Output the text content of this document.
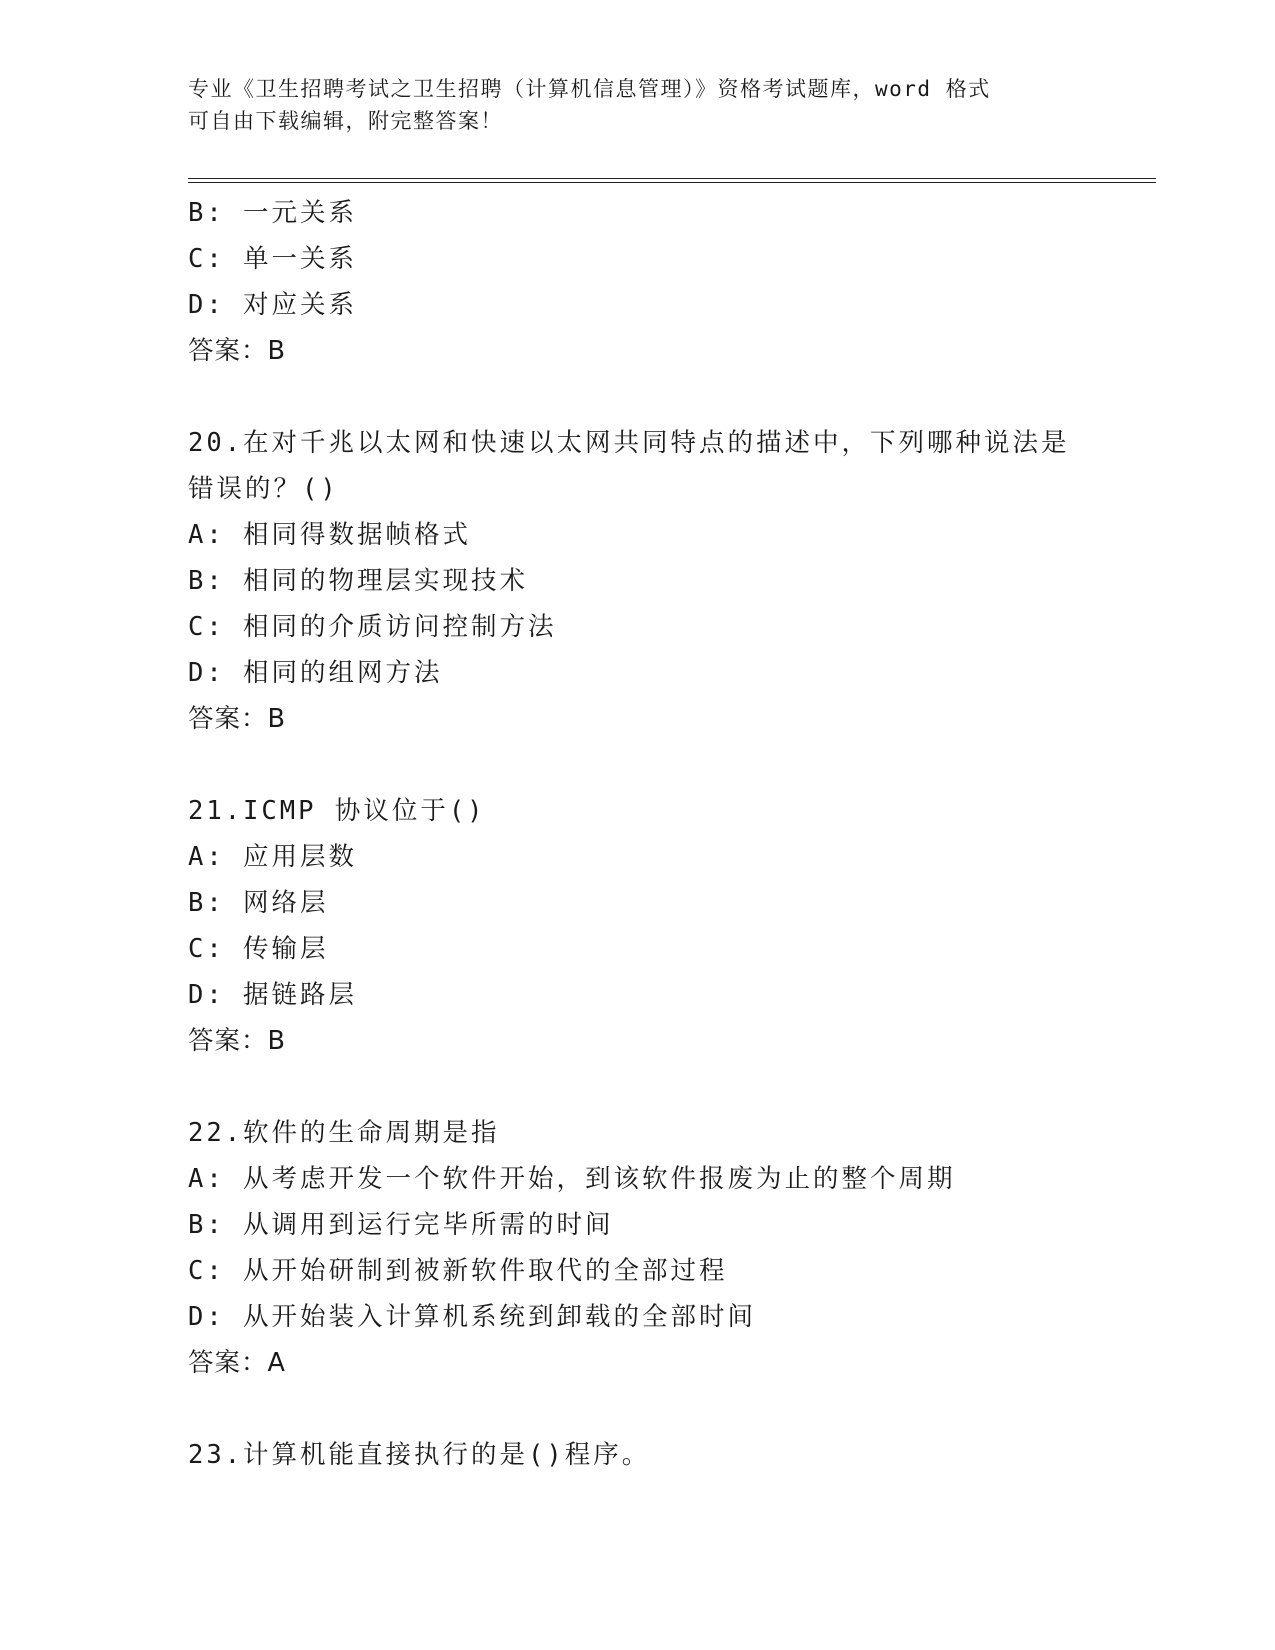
专业《卫生招聘考试之卫生招聘（计算机信息管理）》资格考试题库，word 格式
可自由下载编辑，附完整答案！
B: 一元关系
C: 单一关系
D: 对应关系
答案：B
20.在对千兆以太网和快速以太网共同特点的描述中，下列哪种说法是
错误的？()
A: 相同得数据帧格式
B: 相同的物理层实现技术
C: 相同的介质访问控制方法
D: 相同的组网方法
答案：B
21.ICMP 协议位于()
A: 应用层数
B: 网络层
C: 传输层
D: 据链路层
答案：B
22.软件的生命周期是指
A: 从考虑开发一个软件开始，到该软件报废为止的整个周期
B: 从调用到运行完毕所需的时间
C: 从开始研制到被新软件取代的全部过程
D: 从开始装入计算机系统到卸载的全部时间
答案：A
23.计算机能直接执行的是()程序。
